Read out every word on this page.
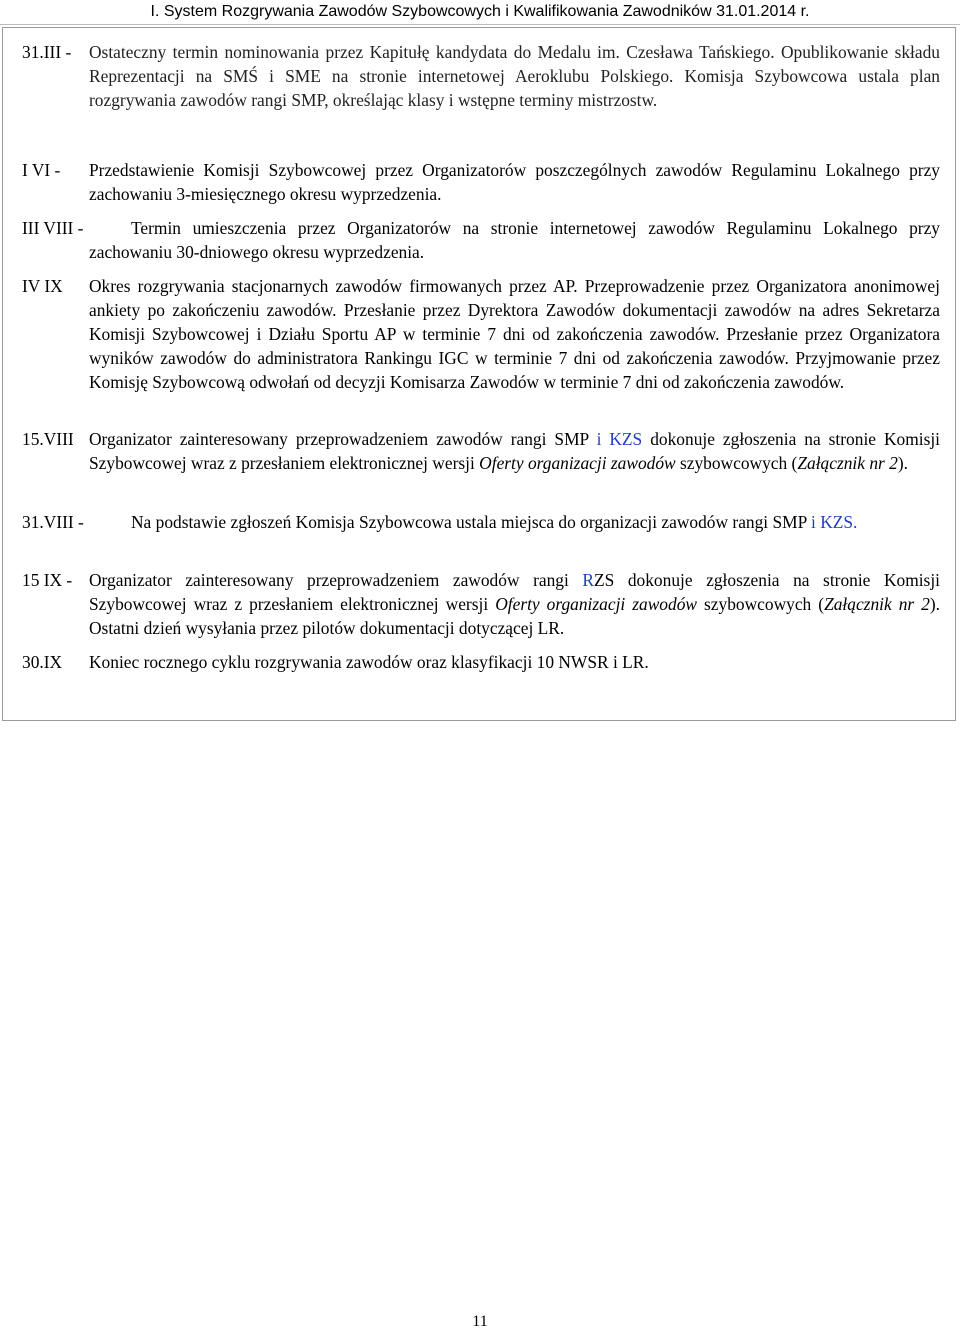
I. System Rozgrywania Zawodów Szybowcowych i Kwalifikowania Zawodników 31.01.2014 r.
31.III -	Ostateczny termin nominowania przez Kapitułę kandydata do Medalu im. Czesława Tańskiego. Opublikowanie składu Reprezentacji na SMŚ i SME na stronie internetowej Aeroklubu Polskiego. Komisja Szybowcowa ustala plan rozgrywania zawodów rangi SMP, określając klasy i wstępne terminy mistrzostw.
I VI -	Przedstawienie Komisji Szybowcowej przez Organizatorów poszczególnych zawodów Regulaminu Lokalnego przy zachowaniu 3-miesięcznego okresu wyprzedzenia.
III VIII -	Termin umieszczenia przez Organizatorów na stronie internetowej zawodów Regulaminu Lokalnego przy zachowaniu 30-dniowego okresu wyprzedzenia.
IV IX	Okres rozgrywania stacjonarnych zawodów firmowanych przez AP. Przeprowadzenie przez Organizatora anonimowej ankiety po zakończeniu zawodów. Przesłanie przez Dyrektora Zawodów dokumentacji zawodów na adres Sekretarza Komisji Szybowcowej i Działu Sportu AP w terminie 7 dni od zakończenia zawodów. Przesłanie przez Organizatora wyników zawodów do administratora Rankingu IGC w terminie 7 dni od zakończenia zawodów. Przyjmowanie przez Komisję Szybowcową odwołań od decyzji Komisarza Zawodów w terminie 7 dni od zakończenia zawodów.
15.VIII Organizator zainteresowany przeprowadzeniem zawodów rangi SMP i KZS dokonuje zgłoszenia na stronie Komisji Szybowcowej wraz z przesłaniem elektronicznej wersji Oferty organizacji zawodów szybowcowych (Załącznik nr 2).
31.VIII -	Na podstawie zgłoszeń Komisja Szybowcowa ustala miejsca do organizacji zawodów rangi SMP i KZS.
15 IX - Organizator zainteresowany przeprowadzeniem zawodów rangi RZS dokonuje zgłoszenia na stronie Komisji Szybowcowej wraz z przesłaniem elektronicznej wersji Oferty organizacji zawodów szybowcowych (Załącznik nr 2). Ostatni dzień wysyłania przez pilotów dokumentacji dotyczącej LR.
30.IX	Koniec rocznego cyklu rozgrywania zawodów oraz klasyfikacji 10 NWSR i LR.
11
